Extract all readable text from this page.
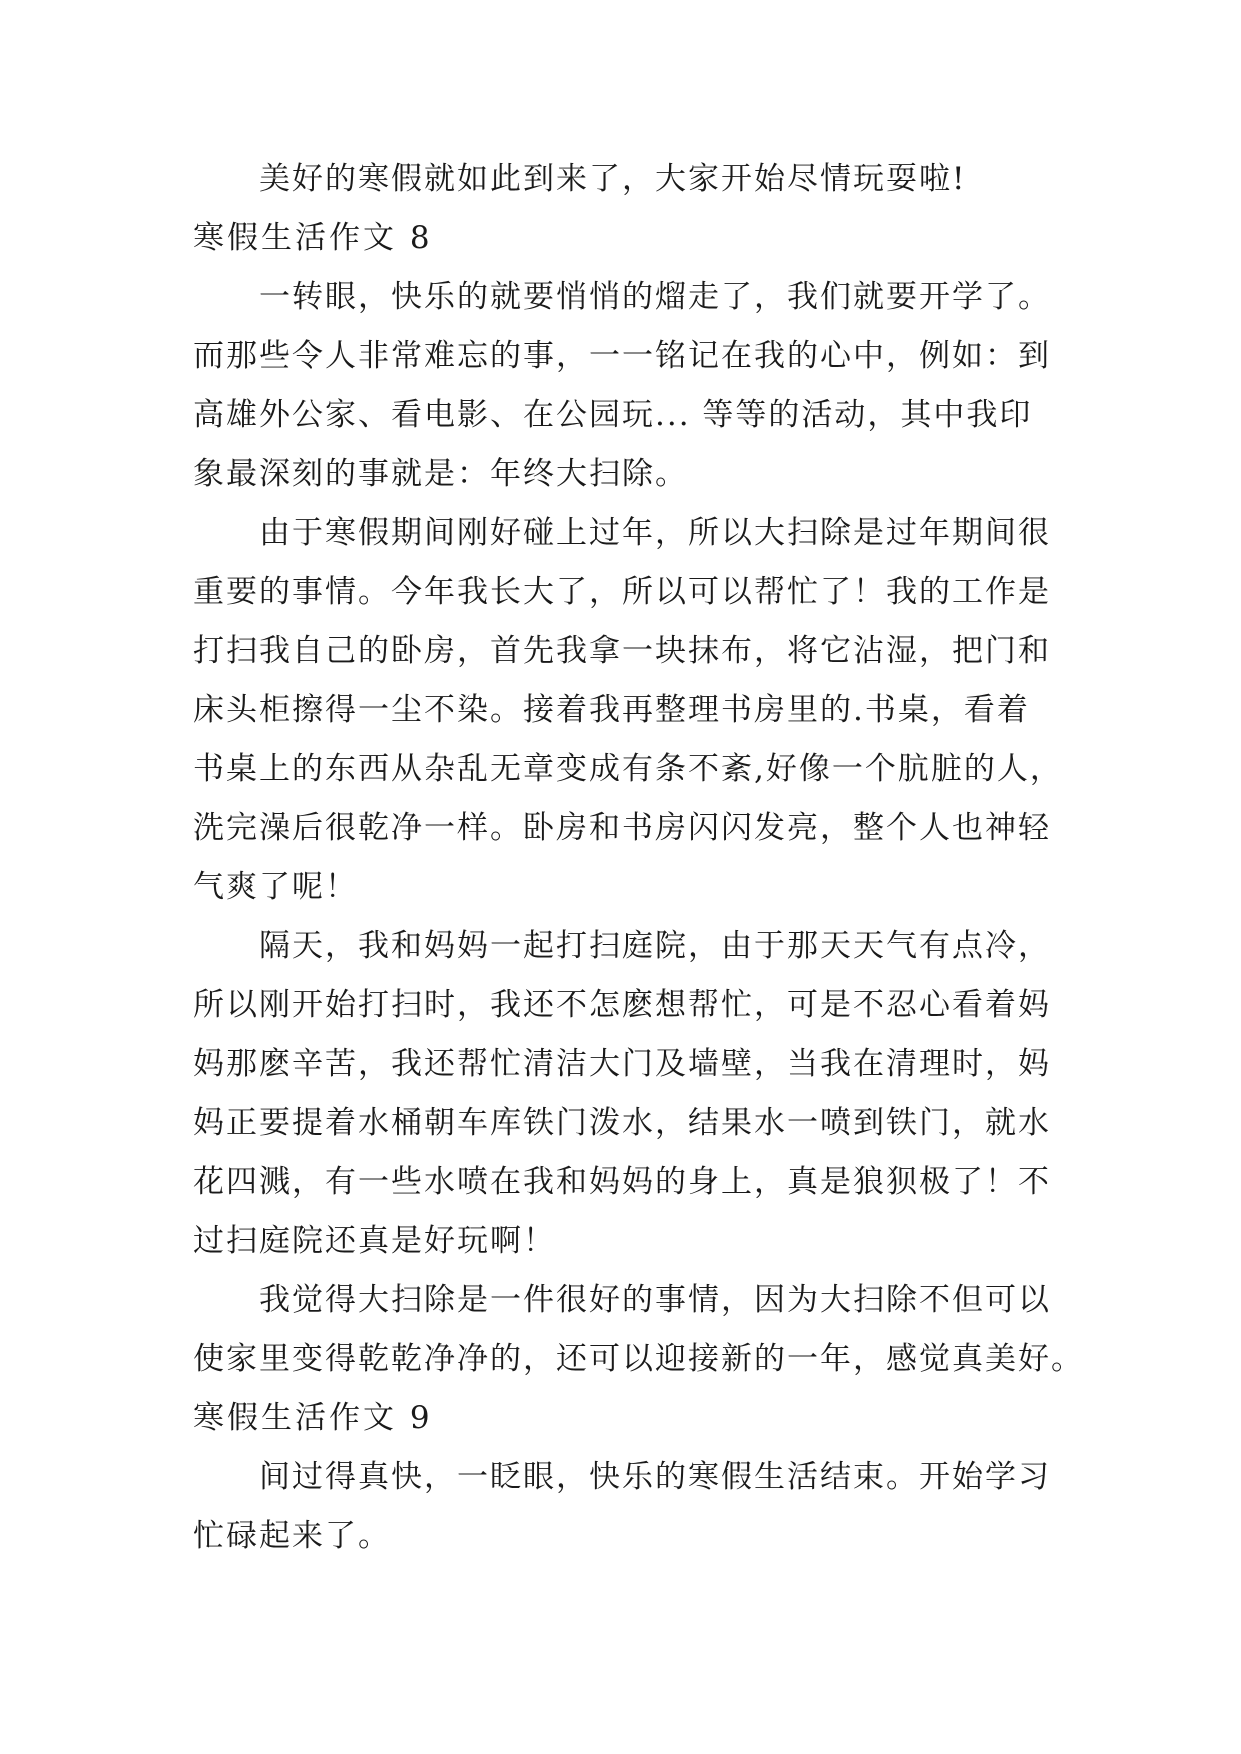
美好的寒假就如此到来了，大家开始尽情玩耍啦!
寒假生活作文 8
一转眼，快乐的就要悄悄的熘走了，我们就要开学了。
而那些令人非常难忘的事，一一铭记在我的心中，例如：到
高雄外公家、看电影、在公园玩... 等等的活动，其中我印
象最深刻的事就是：年终大扫除。
由于寒假期间刚好碰上过年，所以大扫除是过年期间很
重要的事情。今年我长大了，所以可以帮忙了！我的工作是
打扫我自己的卧房，首先我拿一块抹布，将它沾湿，把门和
床头柜擦得一尘不染。接着我再整理书房里的.书桌，看着
书桌上的东西从杂乱无章变成有条不紊,好像一个肮脏的人，
洗完澡后很乾净一样。卧房和书房闪闪发亮，整个人也神轻
气爽了呢！
隔天，我和妈妈一起打扫庭院，由于那天天气有点冷，
所以刚开始打扫时，我还不怎麽想帮忙，可是不忍心看着妈
妈那麽辛苦，我还帮忙清洁大门及墙壁，当我在清理时，妈
妈正要提着水桶朝车库铁门泼水，结果水一喷到铁门，就水
花四溅，有一些水喷在我和妈妈的身上，真是狼狈极了！不
过扫庭院还真是好玩啊！
我觉得大扫除是一件很好的事情，因为大扫除不但可以
使家里变得乾乾净净的，还可以迎接新的一年，感觉真美好。
寒假生活作文 9
间过得真快，一眨眼，快乐的寒假生活结束。开始学习
忙碌起来了。
